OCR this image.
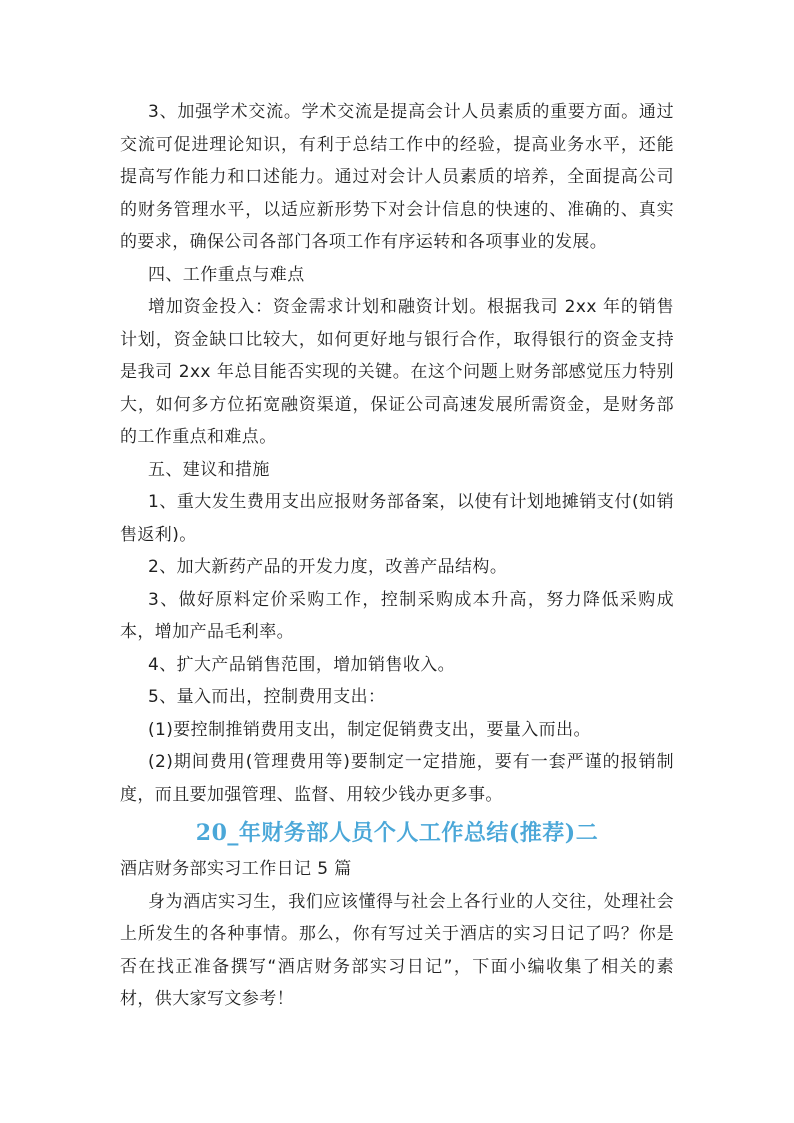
3、加强学术交流。学术交流是提高会计人员素质的重要方面。通过交流可促进理论知识，有利于总结工作中的经验，提高业务水平，还能提高写作能力和口述能力。通过对会计人员素质的培养，全面提高公司的财务管理水平，以适应新形势下对会计信息的快速的、准确的、真实的要求，确保公司各部门各项工作有序运转和各项事业的发展。

四、工作重点与难点

增加资金投入：资金需求计划和融资计划。根据我司 2xx 年的销售计划，资金缺口比较大，如何更好地与银行合作，取得银行的资金支持是我司 2xx 年总目能否实现的关键。在这个问题上财务部感觉压力特别大，如何多方位拓宽融资渠道，保证公司高速发展所需资金，是财务部的工作重点和难点。

五、建议和措施

1、重大发生费用支出应报财务部备案，以使有计划地摊销支付(如销售返利)。

2、加大新药产品的开发力度，改善产品结构。

3、做好原料定价采购工作，控制采购成本升高，努力降低采购成本，增加产品毛利率。

4、扩大产品销售范围，增加销售收入。

5、量入而出，控制费用支出：

(1)要控制推销费用支出，制定促销费支出，要量入而出。

(2)期间费用(管理费用等)要制定一定措施，要有一套严谨的报销制度，而且要加强管理、监督、用较少钱办更多事。

20_年财务部人员个人工作总结(推荐)二

酒店财务部实习工作日记 5 篇

身为酒店实习生，我们应该懂得与社会上各行业的人交往，处理社会上所发生的各种事情。那么，你有写过关于酒店的实习日记了吗？你是否在找正准备撰写“酒店财务部实习日记”，下面小编收集了相关的素材，供大家写文参考！
